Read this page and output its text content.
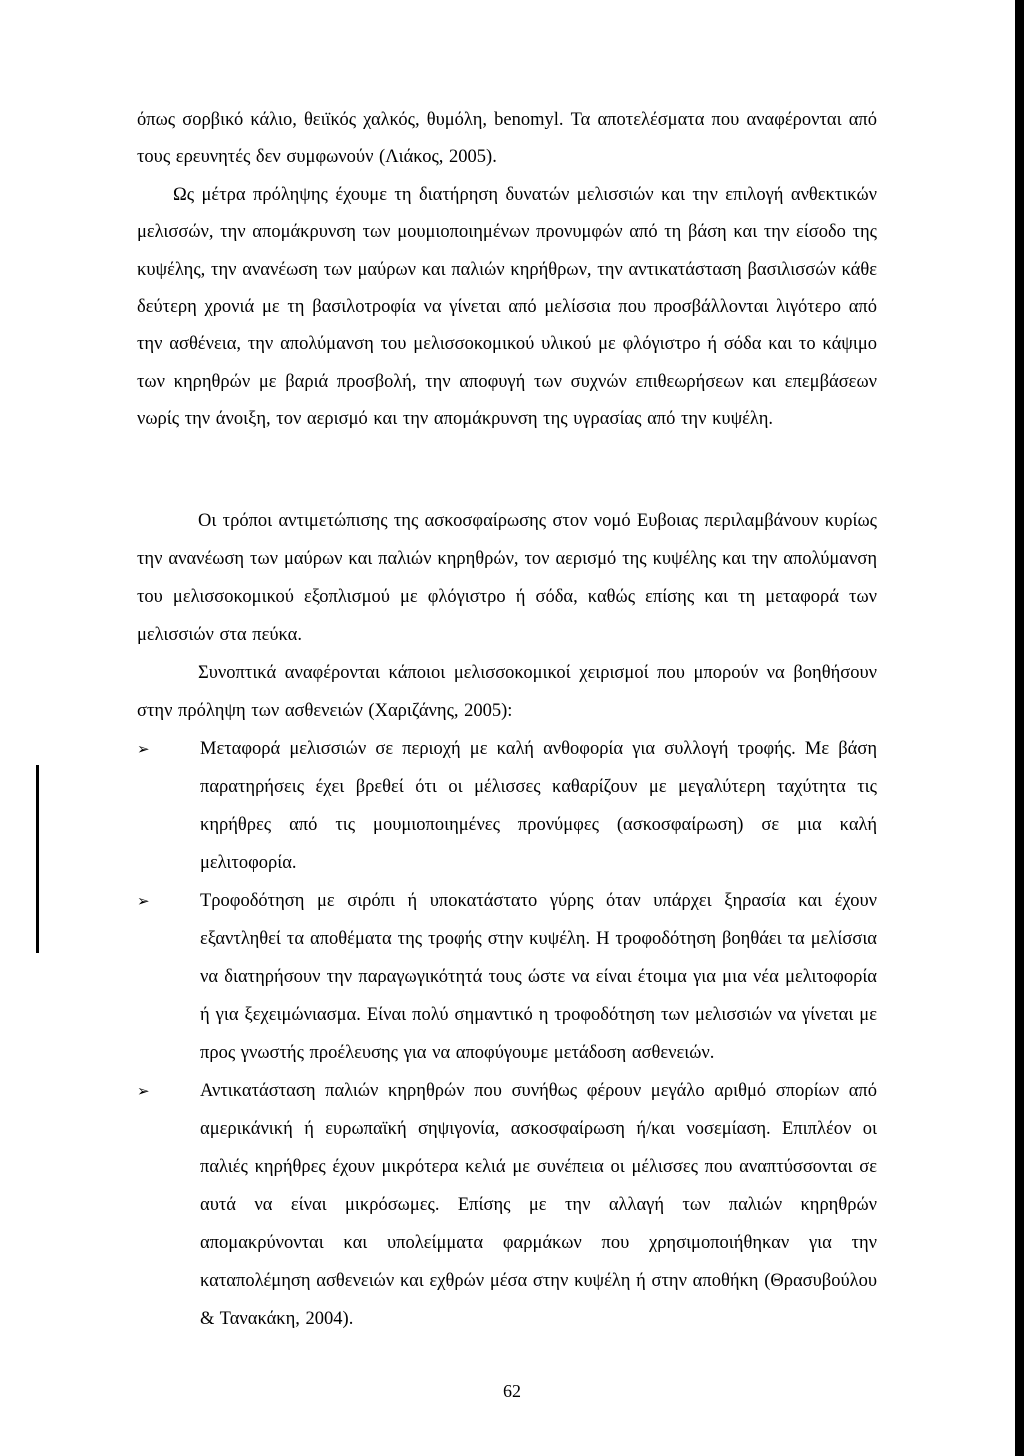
όπως σορβικό κάλιο, θειϊκός χαλκός, θυμόλη, benomyl. Τα αποτελέσματα που αναφέρονται από τους ερευνητές δεν συμφωνούν (Λιάκος, 2005).

Ως μέτρα πρόληψης έχουμε τη διατήρηση δυνατών μελισσιών και την επιλογή ανθεκτικών μελισσών, την απομάκρυνση των μουμιοποιημένων προνυμφών από τη βάση και την είσοδο της κυψέλης, την ανανέωση των μαύρων και παλιών κηρήθρων, την αντικατάσταση βασιλισσών κάθε δεύτερη χρονιά με τη βασιλοτροφία να γίνεται από μελίσσια που προσβάλλονται λιγότερο από την ασθένεια, την απολύμανση του μελισσοκομικού υλικού με φλόγιστρο ή σόδα και το κάψιμο των κηρηθρών με βαριά προσβολή, την αποφυγή των συχνών επιθεωρήσεων και επεμβάσεων νωρίς την άνοιξη, τον αερισμό και την απομάκρυνση της υγρασίας από την κυψέλη.

Οι τρόποι αντιμετώπισης της ασκοσφαίρωσης στον νομό Ευβοιας περιλαμβάνουν κυρίως την ανανέωση των μαύρων και παλιών κηρηθρών, τον αερισμό της κυψέλης και την απολύμανση του μελισσοκομικού εξοπλισμού με φλόγιστρο ή σόδα, καθώς επίσης και τη μεταφορά των μελισσιών στα πεύκα.

Συνοπτικά αναφέρονται κάποιοι μελισσοκομικοί χειρισμοί που μπορούν να βοηθήσουν στην πρόληψη των ασθενειών (Χαριζάνης, 2005):

➢	Μεταφορά μελισσιών σε περιοχή με καλή ανθοφορία για συλλογή τροφής. Με βάση παρατηρήσεις έχει βρεθεί ότι οι μέλισσες καθαρίζουν με μεγαλύτερη ταχύτητα τις κηρήθρες από τις μουμιοποιημένες προνύμφες (ασκοσφαίρωση) σε μια καλή μελιτοφορία.
➢	Τροφοδότηση με σιρόπι ή υποκατάστατο γύρης όταν υπάρχει ξηρασία και έχουν εξαντληθεί τα αποθέματα της τροφής στην κυψέλη. Η τροφοδότηση βοηθάει τα μελίσσια να διατηρήσουν την παραγωγικότητά τους ώστε να είναι έτοιμα για μια νέα μελιτοφορία ή για ξεχειμώνιασμα. Είναι πολύ σημαντικό η τροφοδότηση των μελισσιών να γίνεται με προς γνωστής προέλευσης για να αποφύγουμε μετάδοση ασθενειών.
➢	Αντικατάσταση παλιών κηρηθρών που συνήθως φέρουν μεγάλο αριθμό σπορίων από αμερικάνική ή ευρωπαϊκή σηψιγονία, ασκοσφαίρωση ή/και νοσεμίαση. Επιπλέον οι παλιές κηρήθρες έχουν μικρότερα κελιά με συνέπεια οι μέλισσες που αναπτύσσονται σε αυτά να είναι μικρόσωμες. Επίσης με την αλλαγή των παλιών κηρηθρών απομακρύνονται και υπολείμματα φαρμάκων που χρησιμοποιήθηκαν για την καταπολέμηση ασθενειών και εχθρών μέσα στην κυψέλη ή στην αποθήκη (Θρασυβούλου & Τανακάκη, 2004).
62
